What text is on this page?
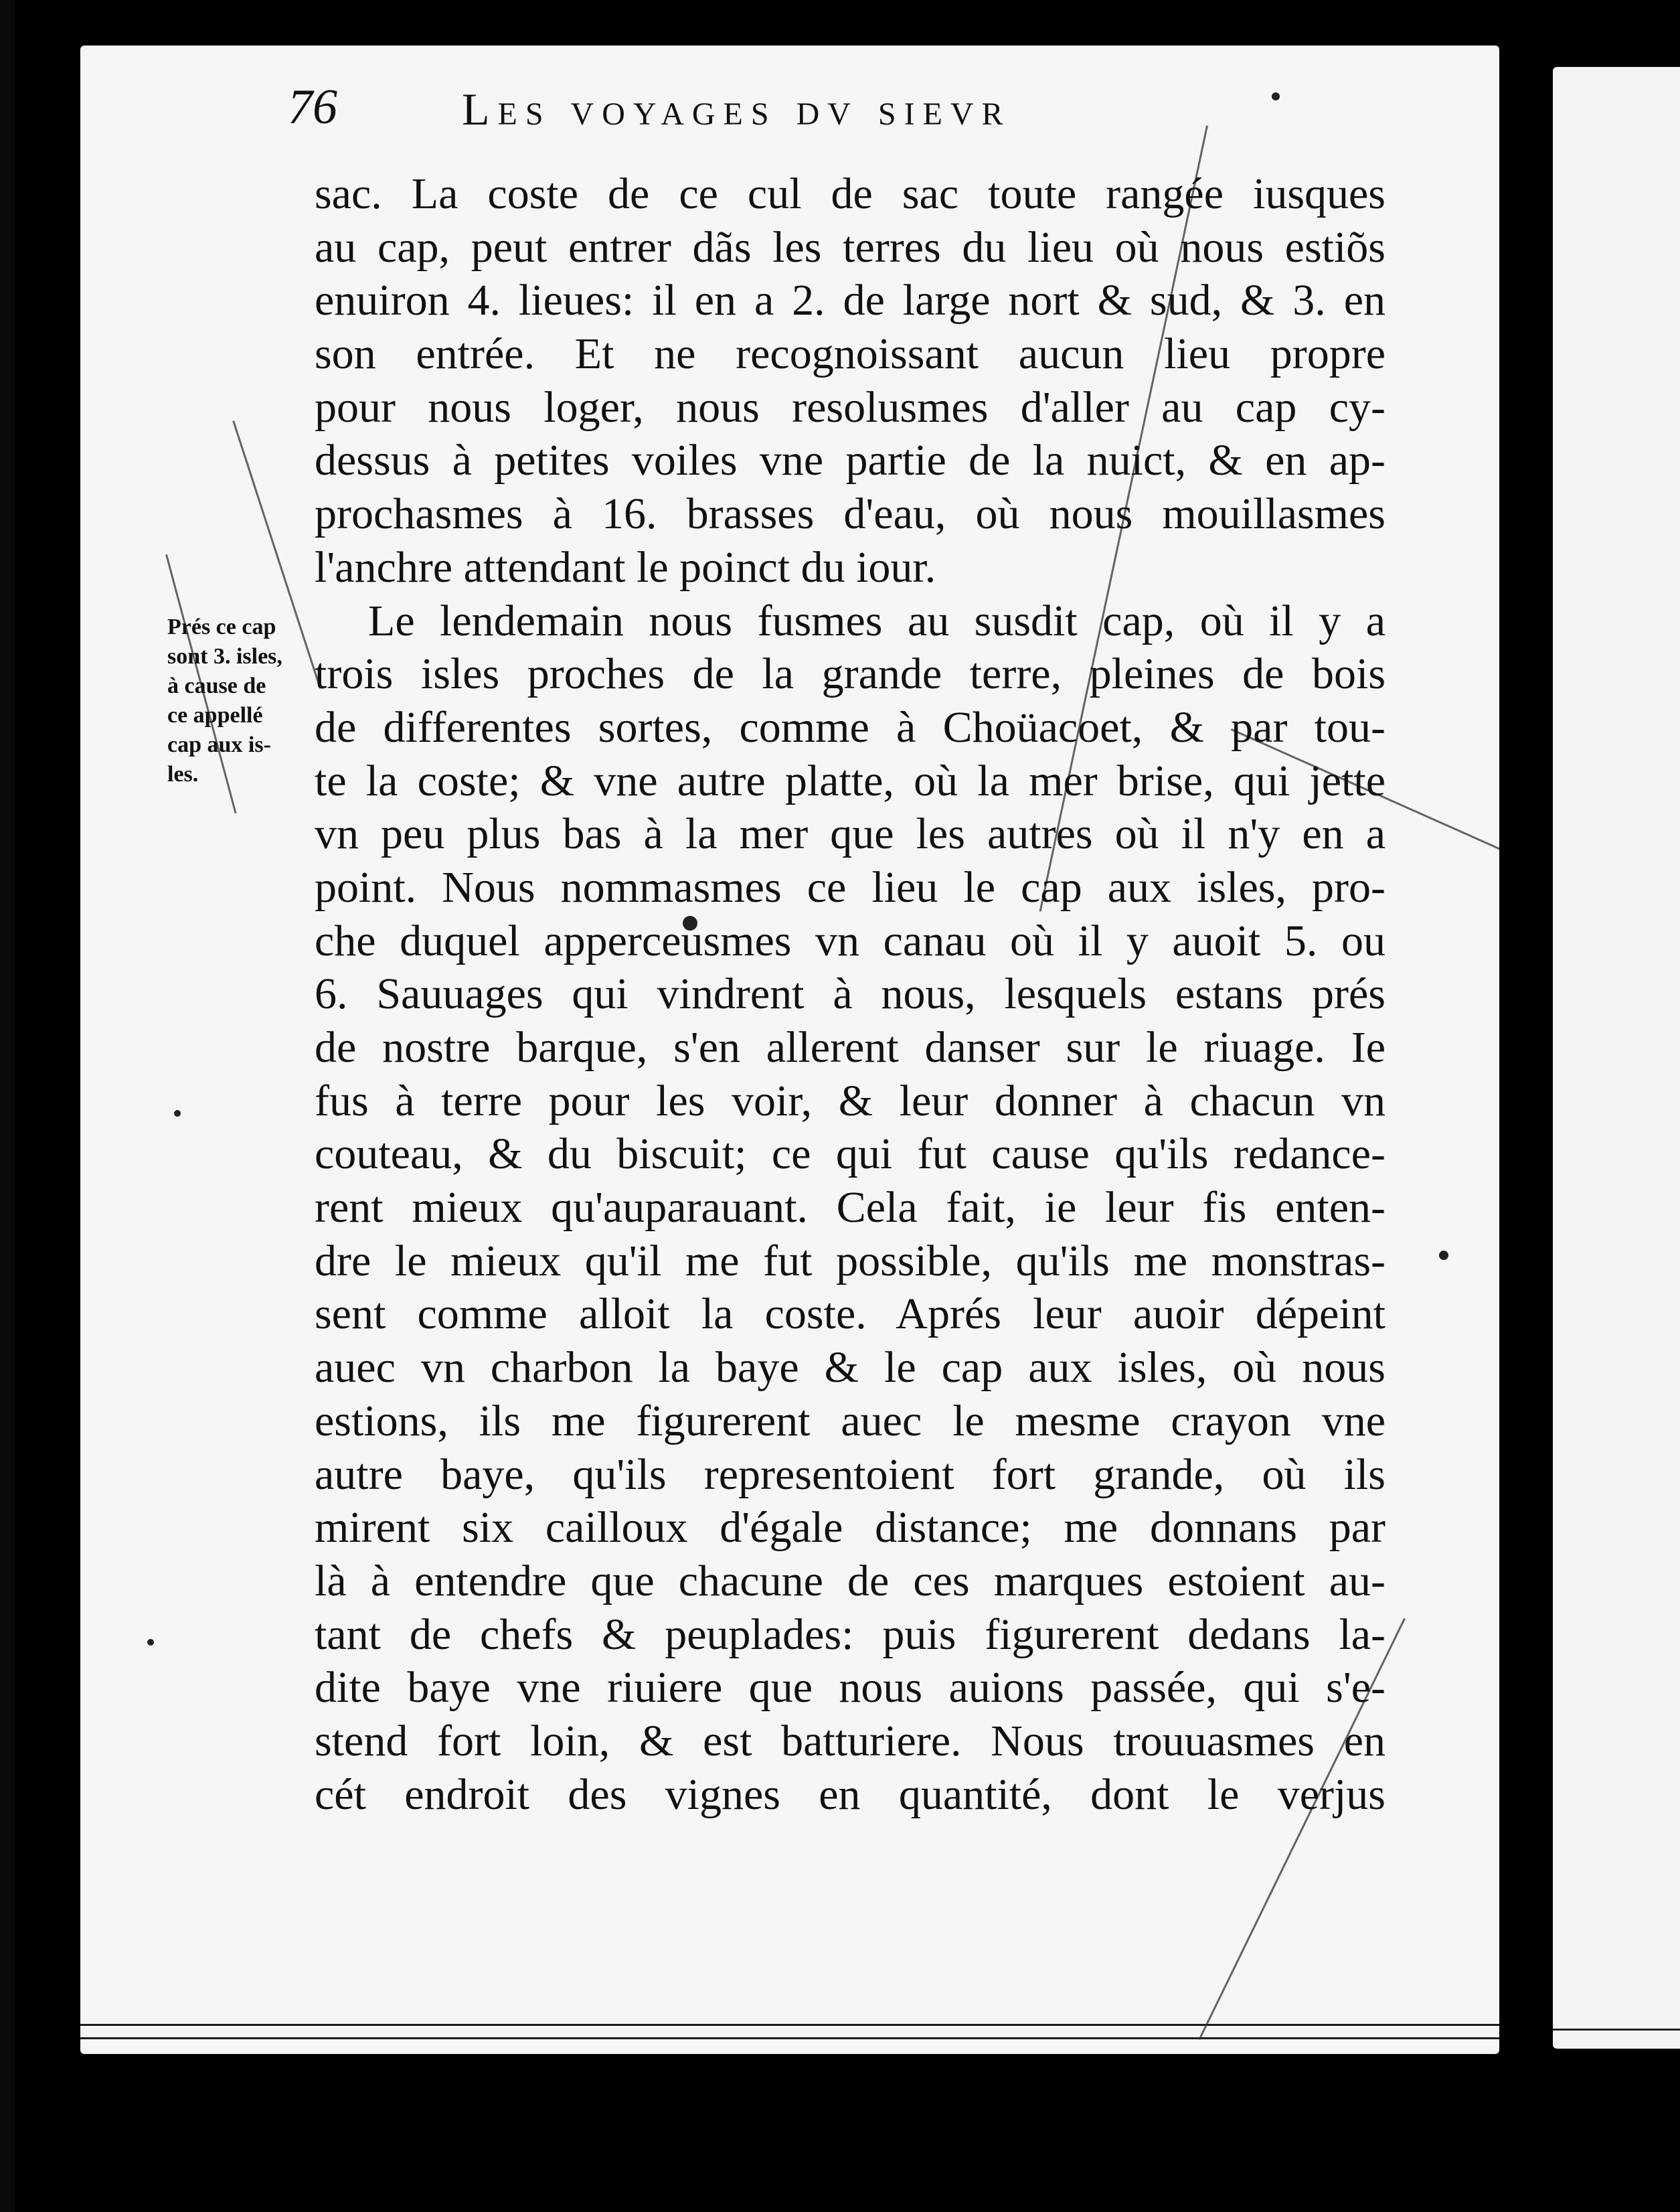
76	Les voyages dv sievr
Prés ce cap
sont 3. isles,
à cause de
ce appellé
cap aux is-
les.
sac. La coste de ce cul de sac toute rangée iusques
au cap, peut entrer dãs les terres du lieu où nous estiõs
enuiron 4. lieues: il en a 2. de large nort & sud, & 3. en
son entrée. Et ne recognoissant aucun lieu propre
pour nous loger, nous resolusmes d'aller au cap cy-
dessus à petites voiles vne partie de la nuict, & en ap-
prochasmes à 16. brasses d'eau, où nous mouillasmes
l'anchre attendant le poinct du iour.
Le lendemain nous fusmes au susdit cap, où il y a
trois isles proches de la grande terre, pleines de bois
de differentes sortes, comme à Choüacoet, & par tou-
te la coste; & vne autre platte, où la mer brise, qui jette
vn peu plus bas à la mer que les autres où il n'y en a
point. Nous nommasmes ce lieu le cap aux isles, pro-
che duquel apperceusmes vn canau où il y auoit 5. ou
6. Sauuages qui vindrent à nous, lesquels estans prés
de nostre barque, s'en allerent danser sur le riuage. Ie
fus à terre pour les voir, & leur donner à chacun vn
couteau, & du biscuit; ce qui fut cause qu'ils redance-
rent mieux qu'auparauant. Cela fait, ie leur fis enten-
dre le mieux qu'il me fut possible, qu'ils me monstras-
sent comme alloit la coste. Aprés leur auoir dépeint
auec vn charbon la baye & le cap aux isles, où nous
estions, ils me figurerent auec le mesme crayon vne
autre baye, qu'ils representoient fort grande, où ils
mirent six cailloux d'égale distance; me donnans par
là à entendre que chacune de ces marques estoient au-
tant de chefs & peuplades: puis figurerent dedans la-
dite baye vne riuiere que nous auions passée, qui s'e-
stend fort loin, & est batturiere. Nous trouuasmes en
cét endroit des vignes en quantité, dont le verjus
